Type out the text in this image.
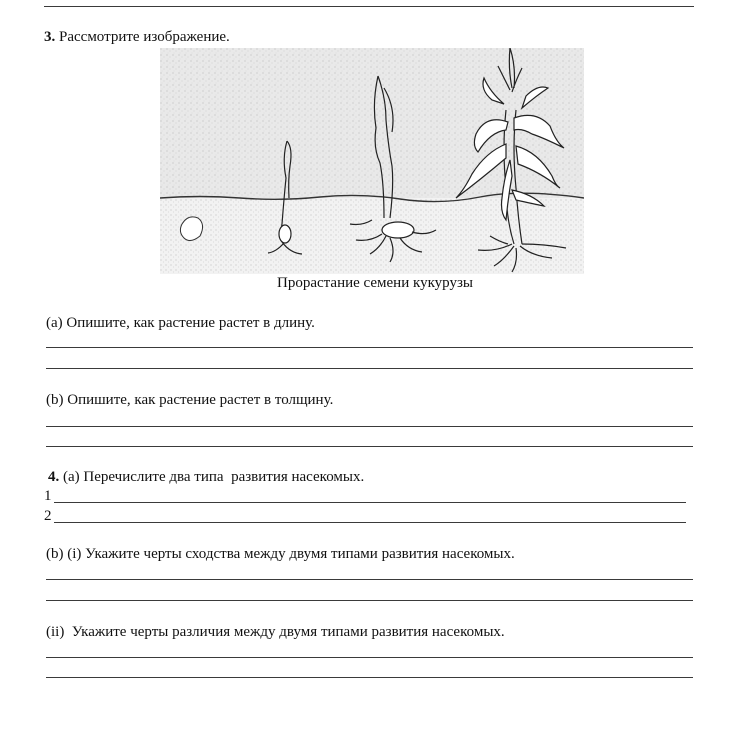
3. Рассмотрите изображение.
Прорастание семени кукурузы
(a) Опишите, как растение растет в длину.
(b) Опишите, как растение растет в толщину.
4. (a) Перечислите два типа  развития насекомых.
1
2
(b) (i) Укажите черты сходства между двумя типами развития насекомых.
(ii)  Укажите черты различия между двумя типами развития насекомых.
